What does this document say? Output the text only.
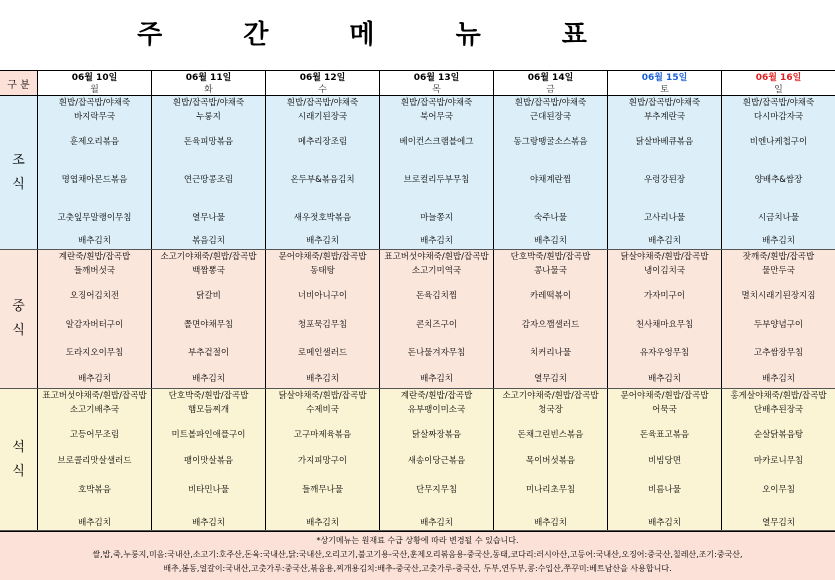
주 간 메 뉴 표
구 분
06월 10일
월
06월 11일
화
06월 12일
수
06월 13일
목
06월 14일
금
06월 15일
토
06월 16일
일
조
식
흰밥/잡곡밥/야채죽
바지락무국
훈제오리볶음
명엽채아몬드볶음
고춧잎무말랭이무침
배추김치
흰밥/잡곡밥/야채죽
누룽지
돈육피망볶음
연근땅콩조림
열무나물
볶음김치
흰밥/잡곡밥/야채죽
시래기된장국
메추리장조림
온두부&볶음김치
새우젓호박볶음
배추김치
흰밥/잡곡밥/야채죽
북어무국
베이컨스크램블에그
브로컬리두부무침
마늘쫑지
배추김치
흰밥/잡곡밥/야채죽
근대된장국
동그랑땡굴소스볶음
야채계란찜
숙주나물
배추김치
흰밥/잡곡밥/야채죽
부추계란국
닭살바베큐볶음
우렁강된장
고사리나물
배추김치
흰밥/잡곡밥/야채죽
다시마감자국
비엔나케첩구이
양배추&쌈장
시금치나물
배추김치
중
식
계란죽/흰밥/잡곡밥
들깨버섯국
오징어김치전
알감자버터구이
도라지오이무침
배추김치
소고기야채죽/흰밥/잡곡밥
백짬뽕국
닭갈비
쫄면야채무침
부추겉절이
배추김치
문어야채죽/흰밥/잡곡밥
동태탕
너비아니구이
청포묵김무침
로메인샐러드
배추김치
표고버섯야채죽/흰밥/잡곡밥
소고기미역국
돈육김치찜
콘치즈구이
돈나물겨자무침
배추김치
단호박죽/흰밥/잡곡밥
콩나물국
카레떡볶이
감자으깸샐러드
치커리나물
열무김치
닭살야채죽/흰밥/잡곡밥
냉이김치국
가자미구이
천사채마요무침
유자우엉무침
배추김치
잣깨죽/흰밥/잡곡밥
물만두국
멸치시래기된장지짐
두부양념구이
고추쌈장무침
배추김치
석
식
표고버섯야채죽/흰밥/잡곡밥
소고기배추국
고등어무조림
브로콜리맛살샐러드
호박볶음
배추김치
단호박죽/흰밥/잡곡밥
햄모듬찌개
미트볼파인애플구이
팽이맛살볶음
비타민나물
배추김치
닭살야채죽/흰밥/잡곡밥
수제비국
고구마제육볶음
가지피망구이
들깨무나물
배추김치
계란죽/흰밥/잡곡밥
유부팽이미소국
닭살짜장볶음
새송이당근볶음
단무지무침
배추김치
소고기야채죽/흰밥/잡곡밥
청국장
돈채그린빈스볶음
목이버섯볶음
미나리초무침
배추김치
문어야채죽/흰밥/잡곡밥
어묵국
돈육표고볶음
비빔당면
비름나물
배추김치
홍게살야채죽/흰밥/잡곡밥
단배추된장국
순살닭볶음탕
마카로니무침
오이무침
열무김치
*상기메뉴는 원재료 수급 상황에 따라 변경될 수 있습니다.
쌀,밥,죽,누룽지,미음:국내산,소고기:호주산,돈육:국내산,닭:국내산,오리고기,불고기용-국산,훈제오리볶음용-중국산,동태,코다리:러시아산,고등어:국내산,오징어:중국산,칠레산,조기:중국산,
배추,봄동,얼갈이:국내산,고춧가루:중국산,볶음용,찌개용김치:배추-중국산,고춧가루-중국산, 두부,연두부,콩:수입산,쭈꾸미:베트남산을 사용합니다.
